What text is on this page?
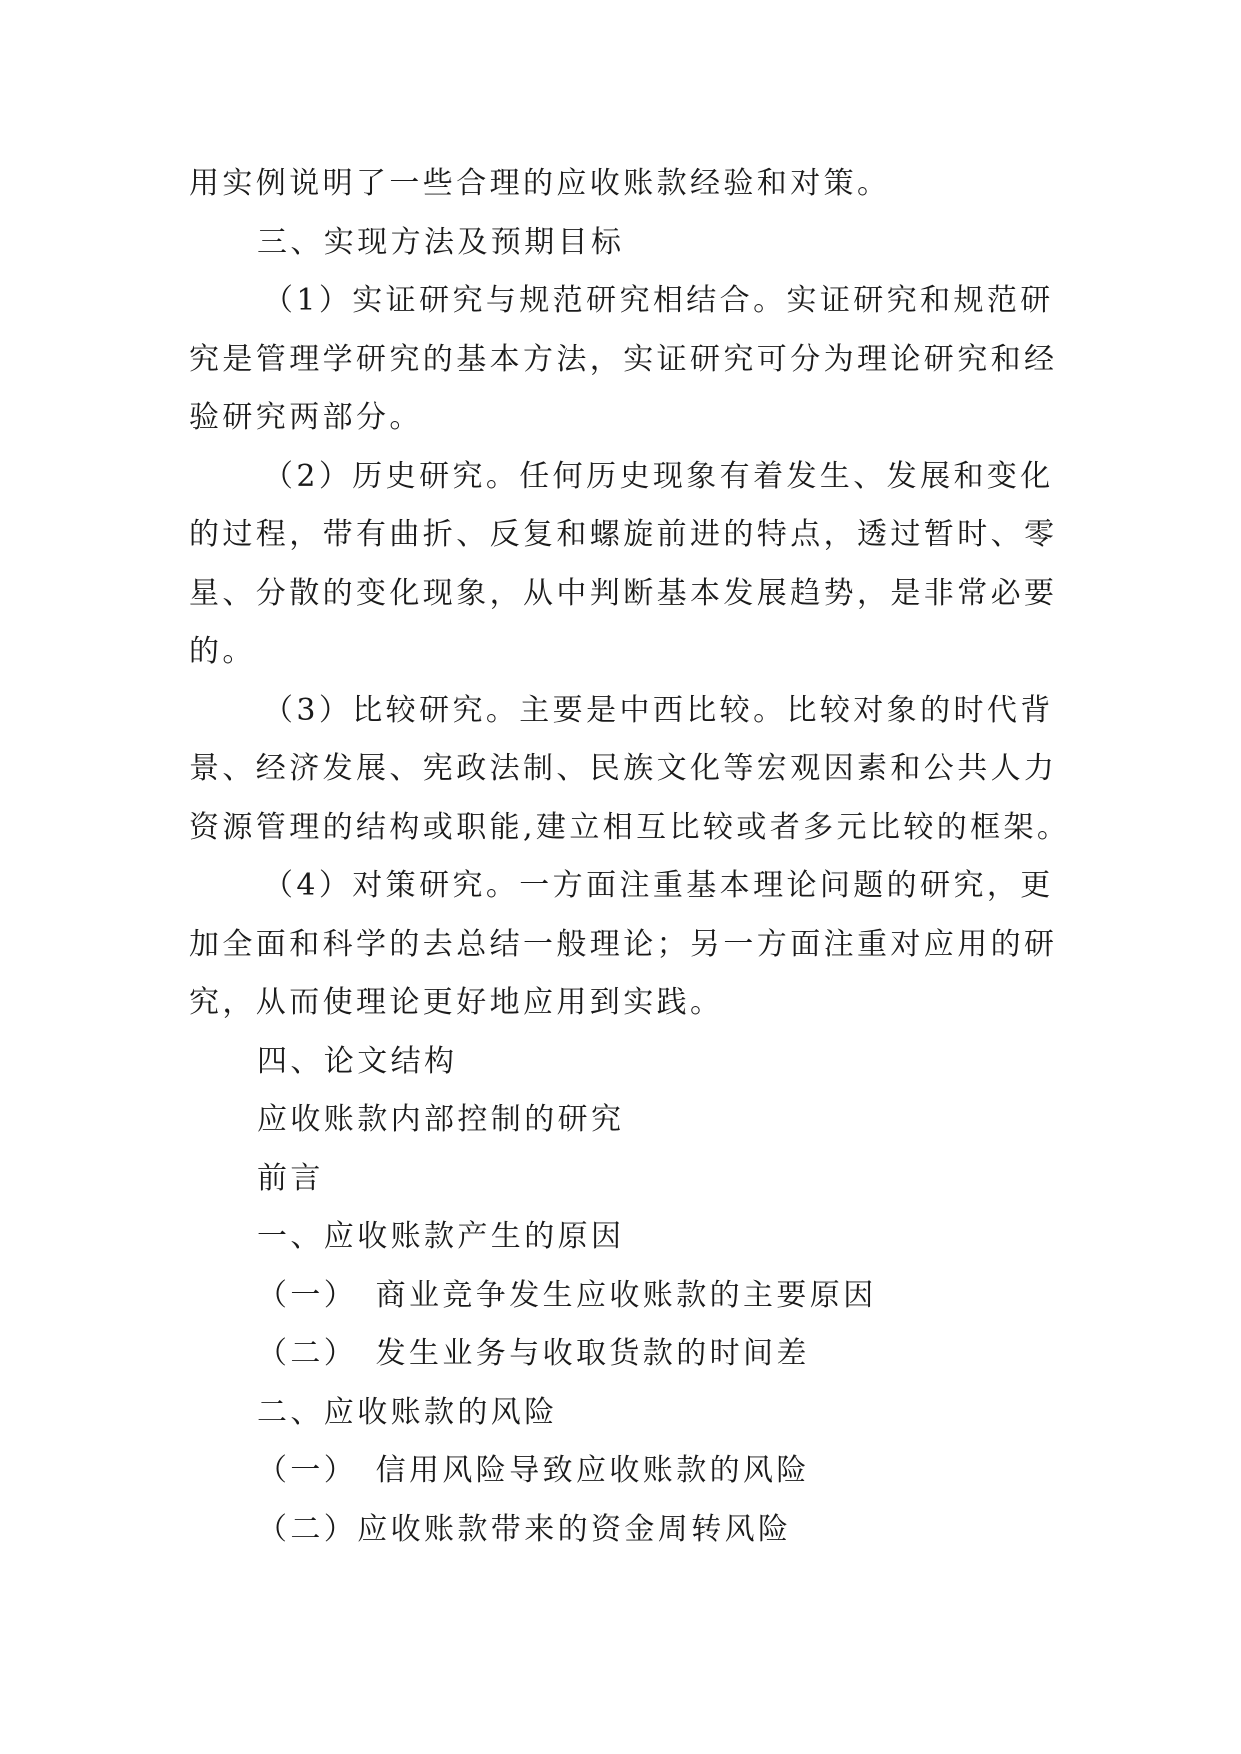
用实例说明了一些合理的应收账款经验和对策。
三、实现方法及预期目标
（1）实证研究与规范研究相结合。实证研究和规范研
究是管理学研究的基本方法，实证研究可分为理论研究和经
验研究两部分。
（2）历史研究。任何历史现象有着发生、发展和变化
的过程，带有曲折、反复和螺旋前进的特点，透过暂时、零
星、分散的变化现象，从中判断基本发展趋势，是非常必要
的。
（3）比较研究。主要是中西比较。比较对象的时代背
景、经济发展、宪政法制、民族文化等宏观因素和公共人力
资源管理的结构或职能,建立相互比较或者多元比较的框架。
（4）对策研究。一方面注重基本理论问题的研究，更
加全面和科学的去总结一般理论；另一方面注重对应用的研
究，从而使理论更好地应用到实践。
四、论文结构
应收账款内部控制的研究
前言
一、应收账款产生的原因
（一）　商业竞争发生应收账款的主要原因
（二）　发生业务与收取货款的时间差
二、应收账款的风险
（一）　信用风险导致应收账款的风险
（二）应收账款带来的资金周转风险
